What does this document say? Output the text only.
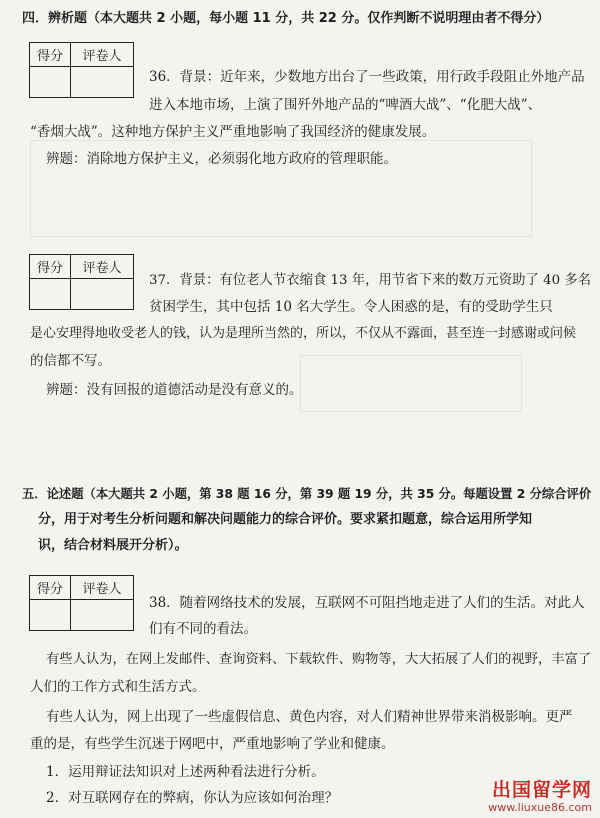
四．辨析题（本大题共 2 小题，每小题 11 分，共 22 分。仅作判断不说明理由者不得分）
得分	评卷人

36．背景：近年来，少数地方出台了一些政策，用行政手段阻止外地产品
进入本地市场，上演了围歼外地产品的“啤酒大战”、“化肥大战”、
“香烟大战”。这种地方保护主义严重地影响了我国经济的健康发展。
辨题：消除地方保护主义，必须弱化地方政府的管理职能。
得分	评卷人

37．背景：有位老人节衣缩食 13 年，用节省下来的数万元资助了 40 多名
贫困学生，其中包括 10 名大学生。令人困惑的是，有的受助学生只
是心安理得地收受老人的钱，认为是理所当然的，所以，不仅从不露面，甚至连一封感谢或问候
的信都不写。
辨题：没有回报的道德活动是没有意义的。
五．论述题（本大题共 2 小题，第 38 题 16 分，第 39 题 19 分，共 35 分。每题设置 2 分综合评价
分，用于对考生分析问题和解决问题能力的综合评价。要求紧扣题意，综合运用所学知
识，结合材料展开分析）。
得分	评卷人

38．随着网络技术的发展，互联网不可阻挡地走进了人们的生活。对此人
们有不同的看法。
有些人认为，在网上发邮件、查询资料、下载软件、购物等，大大拓展了人们的视野，丰富了
人们的工作方式和生活方式。
有些人认为，网上出现了一些虚假信息、黄色内容，对人们精神世界带来消极影响。更严
重的是，有些学生沉迷于网吧中，严重地影响了学业和健康。
1．运用辩证法知识对上述两种看法进行分析。
2．对互联网存在的弊病，你认为应该如何治理？	出国留学网
www.liuxue86.com
